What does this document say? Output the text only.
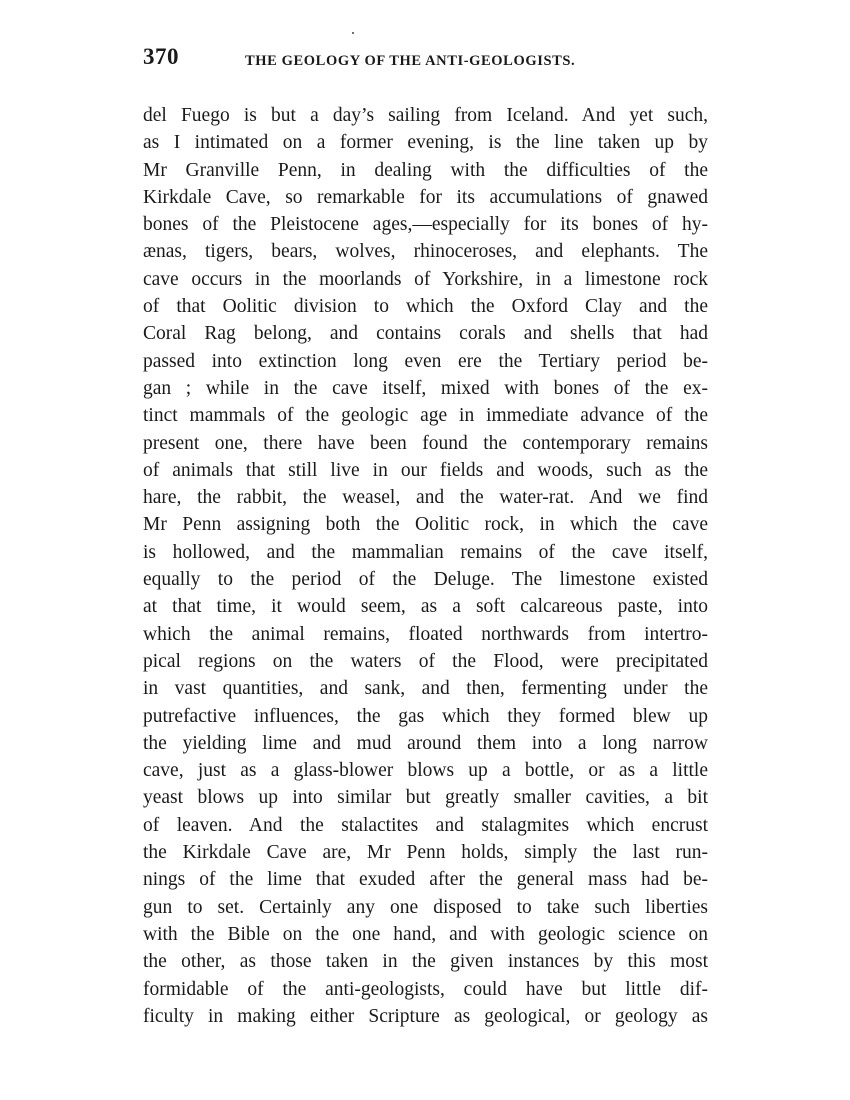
370	THE GEOLOGY OF THE ANTI-GEOLOGISTS.
del Fuego is but a day’s sailing from Iceland. And yet such,
as I intimated on a former evening, is the line taken up by
Mr Granville Penn, in dealing with the difficulties of the
Kirkdale Cave, so remarkable for its accumulations of gnawed
bones of the Pleistocene ages,—especially for its bones of hy-
ænas, tigers, bears, wolves, rhinoceroses, and elephants. The
cave occurs in the moorlands of Yorkshire, in a limestone rock
of that Oolitic division to which the Oxford Clay and the
Coral Rag belong, and contains corals and shells that had
passed into extinction long even ere the Tertiary period be-
gan ; while in the cave itself, mixed with bones of the ex-
tinct mammals of the geologic age in immediate advance of the
present one, there have been found the contemporary remains
of animals that still live in our fields and woods, such as the
hare, the rabbit, the weasel, and the water-rat. And we find
Mr Penn assigning both the Oolitic rock, in which the cave
is hollowed, and the mammalian remains of the cave itself,
equally to the period of the Deluge. The limestone existed
at that time, it would seem, as a soft calcareous paste, into
which the animal remains, floated northwards from intertro-
pical regions on the waters of the Flood, were precipitated
in vast quantities, and sank, and then, fermenting under the
putrefactive influences, the gas which they formed blew up
the yielding lime and mud around them into a long narrow
cave, just as a glass-blower blows up a bottle, or as a little
yeast blows up into similar but greatly smaller cavities, a bit
of leaven. And the stalactites and stalagmites which encrust
the Kirkdale Cave are, Mr Penn holds, simply the last run-
nings of the lime that exuded after the general mass had be-
gun to set. Certainly any one disposed to take such liberties
with the Bible on the one hand, and with geologic science on
the other, as those taken in the given instances by this most
formidable of the anti-geologists, could have but little dif-
ficulty in making either Scripture as geological, or geology as
